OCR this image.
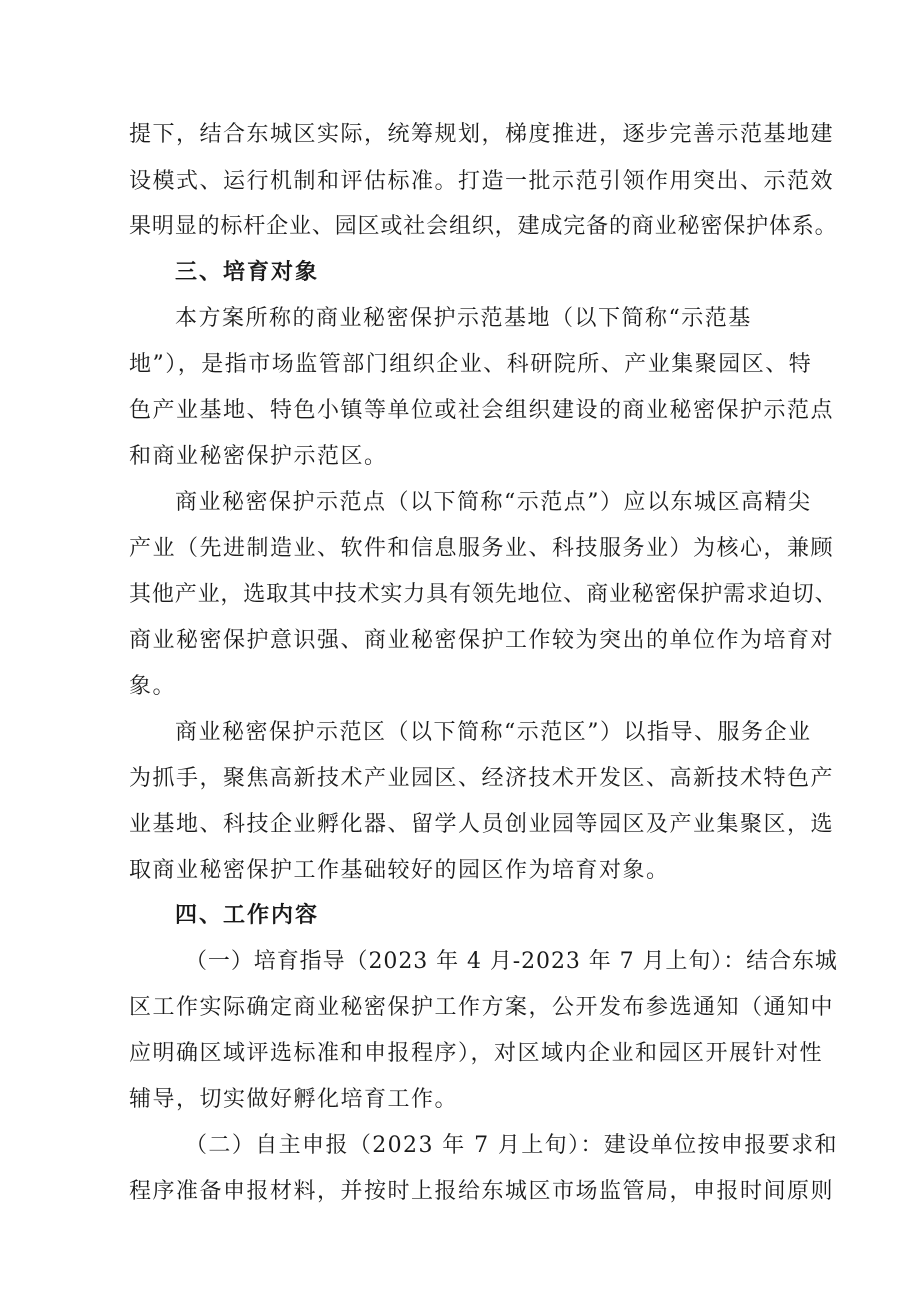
提下，结合东城区实际，统筹规划，梯度推进，逐步完善示范基地建
设模式、运行机制和评估标准。打造一批示范引领作用突出、示范效
果明显的标杆企业、园区或社会组织，建成完备的商业秘密保护体系。
三、培育对象
本方案所称的商业秘密保护示范基地（以下简称“示范基
地”），是指市场监管部门组织企业、科研院所、产业集聚园区、特
色产业基地、特色小镇等单位或社会组织建设的商业秘密保护示范点
和商业秘密保护示范区。
商业秘密保护示范点（以下简称“示范点”）应以东城区高精尖
产业（先进制造业、软件和信息服务业、科技服务业）为核心，兼顾
其他产业，选取其中技术实力具有领先地位、商业秘密保护需求迫切、
商业秘密保护意识强、商业秘密保护工作较为突出的单位作为培育对
象。
商业秘密保护示范区（以下简称“示范区”）以指导、服务企业
为抓手，聚焦高新技术产业园区、经济技术开发区、高新技术特色产
业基地、科技企业孵化器、留学人员创业园等园区及产业集聚区，选
取商业秘密保护工作基础较好的园区作为培育对象。
四、工作内容
（一）培育指导（2023 年 4 月-2023 年 7 月上旬）：结合东城
区工作实际确定商业秘密保护工作方案，公开发布参选通知（通知中
应明确区域评选标准和申报程序），对区域内企业和园区开展针对性
辅导，切实做好孵化培育工作。
（二）自主申报（2023 年 7 月上旬）：建设单位按申报要求和
程序准备申报材料，并按时上报给东城区市场监管局，申报时间原则
